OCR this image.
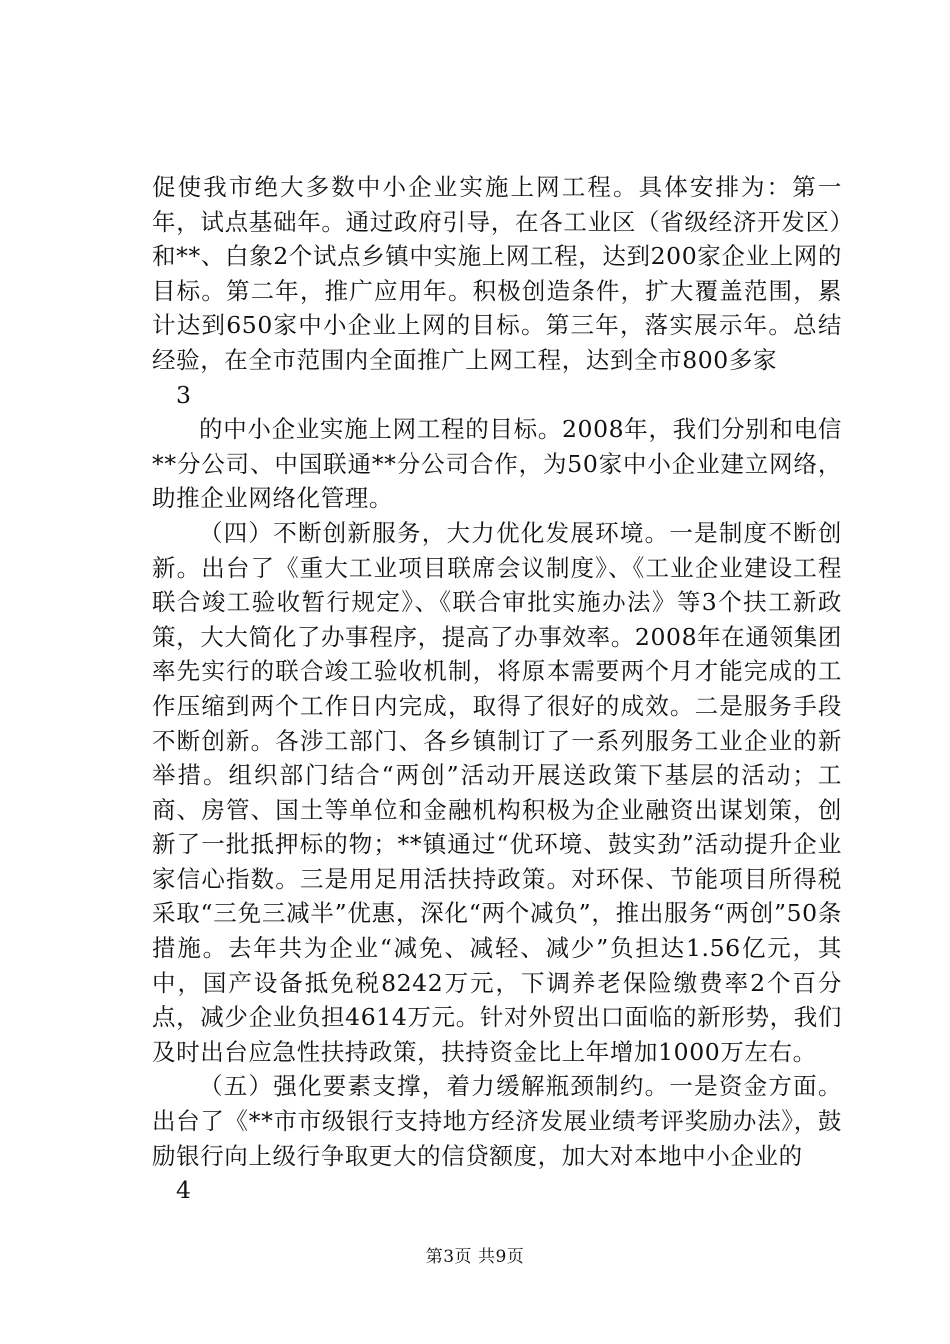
促使我市绝大多数中小企业实施上网工程。具体安排为：第一年，试点基础年。通过政府引导，在各工业区（省级经济开发区）和**、白象2个试点乡镇中实施上网工程，达到200家企业上网的目标。第二年，推广应用年。积极创造条件，扩大覆盖范围，累计达到650家中小企业上网的目标。第三年，落实展示年。总结经验，在全市范围内全面推广上网工程，达到全市800多家

3

的中小企业实施上网工程的目标。2008年，我们分别和电信**分公司、中国联通**分公司合作，为50家中小企业建立网络，助推企业网络化管理。

（四）不断创新服务，大力优化发展环境。一是制度不断创新。出台了《重大工业项目联席会议制度》、《工业企业建设工程联合竣工验收暂行规定》、《联合审批实施办法》等3个扶工新政策，大大简化了办事程序，提高了办事效率。2008年在通领集团率先实行的联合竣工验收机制，将原本需要两个月才能完成的工作压缩到两个工作日内完成，取得了很好的成效。二是服务手段不断创新。各涉工部门、各乡镇制订了一系列服务工业企业的新举措。组织部门结合“两创”活动开展送政策下基层的活动；工商、房管、国土等单位和金融机构积极为企业融资出谋划策，创新了一批抵押标的物；**镇通过“优环境、鼓实劲”活动提升企业家信心指数。三是用足用活扶持政策。对环保、节能项目所得税采取“三免三减半”优惠，深化“两个减负”，推出服务“两创”50条措施。去年共为企业“减免、减轻、减少”负担达1.56亿元，其中，国产设备抵免税8242万元，下调养老保险缴费率2个百分点，减少企业负担4614万元。针对外贸出口面临的新形势，我们及时出台应急性扶持政策，扶持资金比上年增加1000万左右。

（五）强化要素支撑，着力缓解瓶颈制约。一是资金方面。出台了《**市市级银行支持地方经济发展业绩考评奖励办法》，鼓励银行向上级行争取更大的信贷额度，加大对本地中小企业的

4

第3页 共9页
